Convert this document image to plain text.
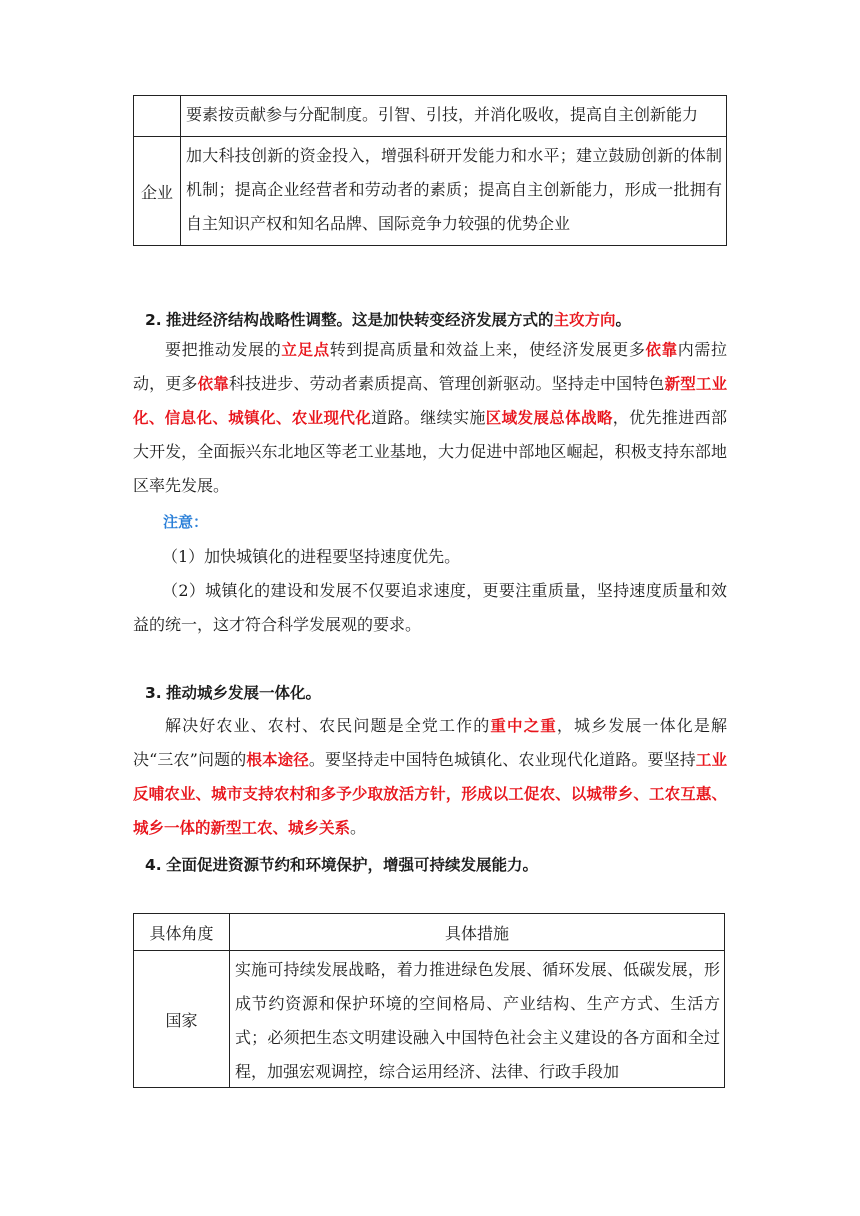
	要素按贡献参与分配制度。引智、引技，并消化吸收，提高自主创新能力
企业	加大科技创新的资金投入，增强科研开发能力和水平；建立鼓励创新的体制机制；提高企业经营者和劳动者的素质；提高自主创新能力，形成一批拥有自主知识产权和知名品牌、国际竞争力较强的优势企业
2. 推进经济结构战略性调整。这是加快转变经济发展方式的主攻方向。
要把推动发展的立足点转到提高质量和效益上来，使经济发展更多依靠内需拉动，更多依靠科技进步、劳动者素质提高、管理创新驱动。坚持走中国特色新型工业化、信息化、城镇化、农业现代化道路。继续实施区域发展总体战略，优先推进西部大开发，全面振兴东北地区等老工业基地，大力促进中部地区崛起，积极支持东部地区率先发展。
注意：
（1）加快城镇化的进程要坚持速度优先。
（2）城镇化的建设和发展不仅要追求速度，更要注重质量，坚持速度质量和效益的统一，这才符合科学发展观的要求。
3. 推动城乡发展一体化。
解决好农业、农村、农民问题是全党工作的重中之重，城乡发展一体化是解决“三农”问题的根本途径。要坚持走中国特色城镇化、农业现代化道路。要坚持工业反哺农业、城市支持农村和多予少取放活方针，形成以工促农、以城带乡、工农互惠、城乡一体的新型工农、城乡关系。
4. 全面促进资源节约和环境保护，增强可持续发展能力。
具体角度	具体措施
国家	实施可持续发展战略，着力推进绿色发展、循环发展、低碳发展，形成节约资源和保护环境的空间格局、产业结构、生产方式、生活方式；必须把生态文明建设融入中国特色社会主义建设的各方面和全过程，加强宏观调控，综合运用经济、法律、行政手段加
